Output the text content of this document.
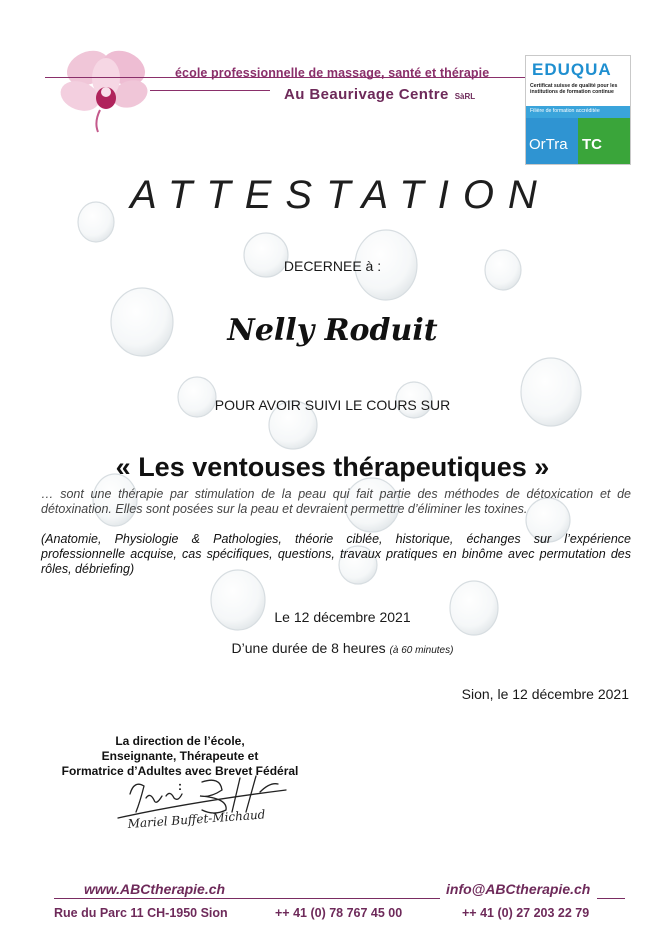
école professionnelle de massage, santé et thérapie
Au Beaurivage Centre SàRL
EDUQUA
Certificat suisse de qualité pour les institutions de formation continue
Filière de formation accréditée
OrTra TC
ATTESTATION
DECERNEE à :
Nelly Roduit
POUR AVOIR SUIVI LE COURS SUR
« Les ventouses thérapeutiques »
… sont une thérapie par stimulation de la peau qui fait partie des méthodes de détoxication et de détoxination. Elles sont posées sur la peau et devraient permettre d’éliminer les toxines.
(Anatomie, Physiologie & Pathologies, théorie ciblée, historique, échanges sur l’expérience professionnelle acquise, cas spécifiques, questions, travaux pratiques en binôme avec permutation des rôles, débriefing)
Le 12 décembre 2021
D’une durée de 8 heures (à 60 minutes)
Sion, le 12 décembre 2021
La direction de l’école,
Enseignante, Thérapeute et
Formatrice d’Adultes avec Brevet Fédéral :
Mariel Buffet-Michaud
www.ABCtherapie.ch	info@ABCtherapie.ch
Rue du Parc 11 CH-1950 Sion	++ 41 (0) 78 767 45 00	++ 41 (0) 27 203 22 79
